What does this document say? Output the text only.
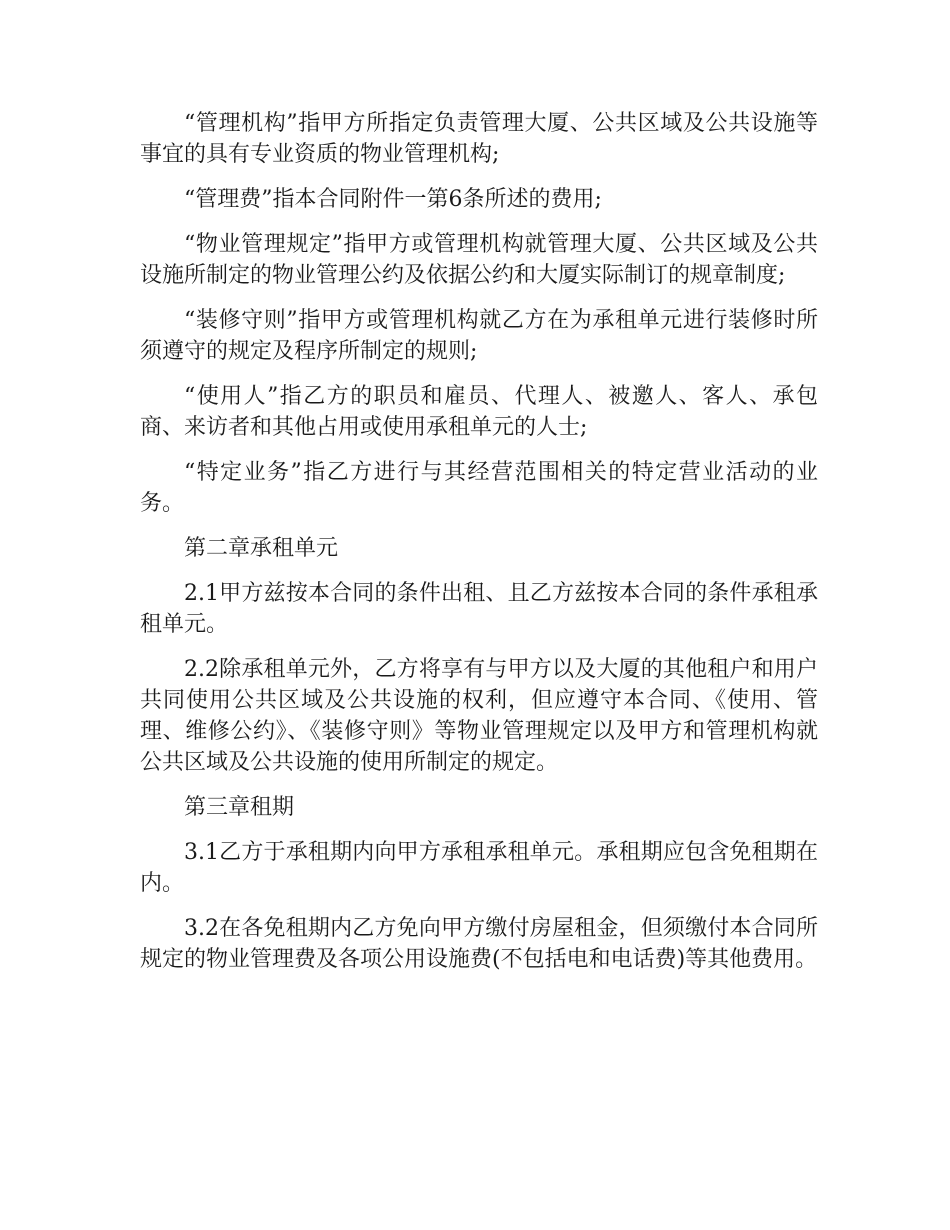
“管理机构”指甲方所指定负责管理大厦、公共区域及公共设施等事宜的具有专业资质的物业管理机构;

“管理费”指本合同附件一第6条所述的费用;

“物业管理规定”指甲方或管理机构就管理大厦、公共区域及公共设施所制定的物业管理公约及依据公约和大厦实际制订的规章制度;

“装修守则”指甲方或管理机构就乙方在为承租单元进行装修时所须遵守的规定及程序所制定的规则;

“使用人”指乙方的职员和雇员、代理人、被邀人、客人、承包商、来访者和其他占用或使用承租单元的人士;

“特定业务”指乙方进行与其经营范围相关的特定营业活动的业务。

第二章承租单元

2.1甲方兹按本合同的条件出租、且乙方兹按本合同的条件承租承租单元。

2.2除承租单元外，乙方将享有与甲方以及大厦的其他租户和用户共同使用公共区域及公共设施的权利，但应遵守本合同、《使用、管理、维修公约》、《装修守则》等物业管理规定以及甲方和管理机构就公共区域及公共设施的使用所制定的规定。

第三章租期

3.1乙方于承租期内向甲方承租承租单元。承租期应包含免租期在内。

3.2在各免租期内乙方免向甲方缴付房屋租金，但须缴付本合同所规定的物业管理费及各项公用设施费(不包括电和电话费)等其他费用。
